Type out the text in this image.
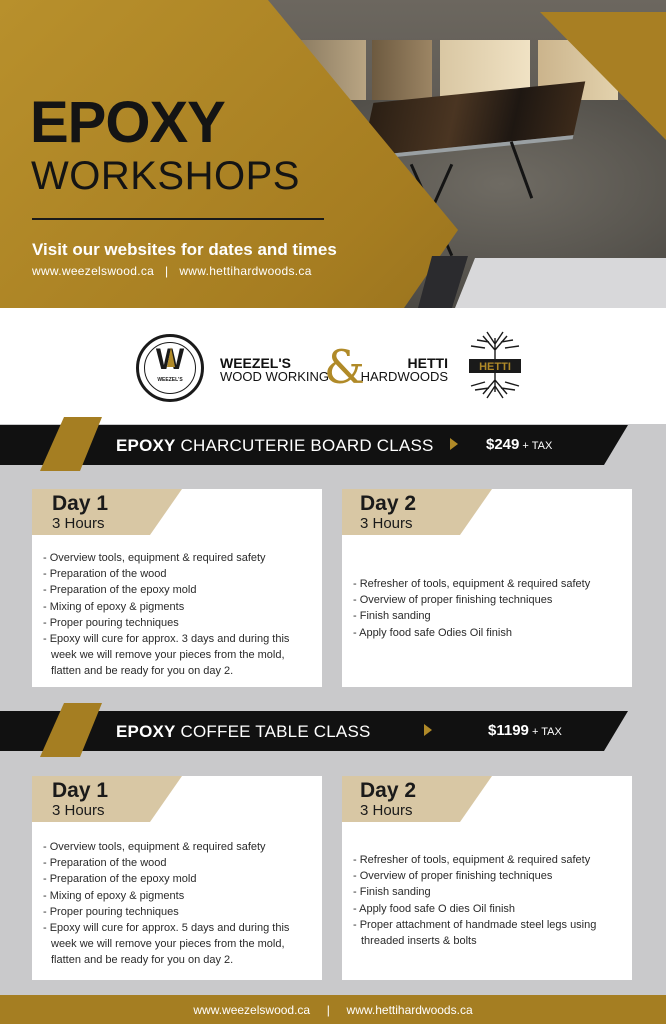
EPOXY
WORKSHOPS
Visit our websites for dates and times
www.weezelswood.ca   |   www.hettihardwoods.ca
W
WEEZEL'S
WEEZEL'S
WOOD WORKING
&	HETTI
HARDWOODS
HETTI
EPOXY CHARCUTERIE BOARD CLASS	$249 + TAX
Day 1
3 Hours
- Overview tools, equipment & required safety
- Preparation of the wood
- Preparation of the epoxy mold
- Mixing of epoxy & pigments
- Proper pouring techniques
- Epoxy will cure for approx. 3 days and during this week we will remove your pieces from the mold, flatten and be ready for you on day 2.
Day 2
3 Hours
- Refresher of tools, equipment & required safety
- Overview of proper finishing techniques
- Finish sanding
- Apply food safe Odies Oil finish
EPOXY COFFEE TABLE CLASS	$1199 + TAX
Day 1
3 Hours
- Overview tools, equipment & required safety
- Preparation of the wood
- Preparation of the epoxy mold
- Mixing of epoxy & pigments
- Proper pouring techniques
- Epoxy will cure for approx. 5 days and during this week we will remove your pieces from the mold, flatten and be ready for you on day 2.
Day 2
3 Hours
- Refresher of tools, equipment & required safety
- Overview of proper finishing techniques
- Finish sanding
- Apply food safe O dies Oil finish
- Proper attachment of handmade steel legs using threaded inserts & bolts
www.weezelswood.ca     |     www.hettihardwoods.ca
